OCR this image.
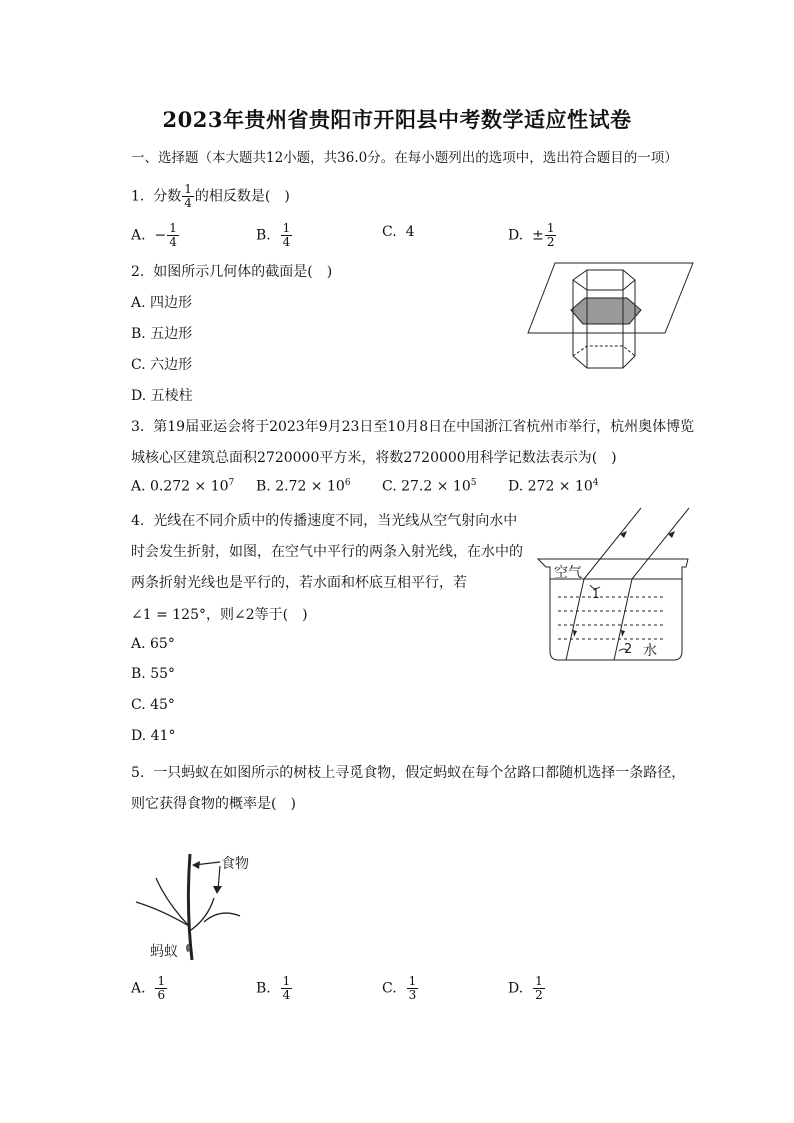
2023年贵州省贵阳市开阳县中考数学适应性试卷
一、选择题（本大题共12小题，共36.0分。在每小题列出的选项中，选出符合题目的一项）
1. 分数 $\frac{1}{4}$ 的相反数是(　)
A. − $\frac{1}{4}$	B. $\frac{1}{4}$	C. 4	D. ± $\frac{1}{2}$
2. 如图所示几何体的截面是(　)
A. 四边形
B. 五边形
C. 六边形
D. 五棱柱
3. 第19届亚运会将于2023年9月23日至10月8日在中国浙江省杭州市举行，杭州奥体博览
城核心区建筑总面积2720000平方米，将数2720000用科学记数法表示为(　)
A. $0.272 \times 10^7$ B. $2.72 \times 10^6$ C. $27.2 \times 10^5$ D. $272 \times 10^4$
4. 光线在不同介质中的传播速度不同，当光线从空气射向水中
时会发生折射，如图，在空气中平行的两条入射光线，在水中的
两条折射光线也是平行的，若水面和杯底互相平行，若
∠1 = 125°，则∠2等于(　)
A. 65°
B. 55°
C. 45°
D. 41°
空气
1
2 水
5. 一只蚂蚁在如图所示的树枝上寻觅食物，假定蚂蚁在每个岔路口都随机选择一条路径，
则它获得食物的概率是(　)
食物
蚂蚁
A. $\frac{1}{6}$	B. $\frac{1}{4}$	C. $\frac{1}{3}$	D. $\frac{1}{2}$
